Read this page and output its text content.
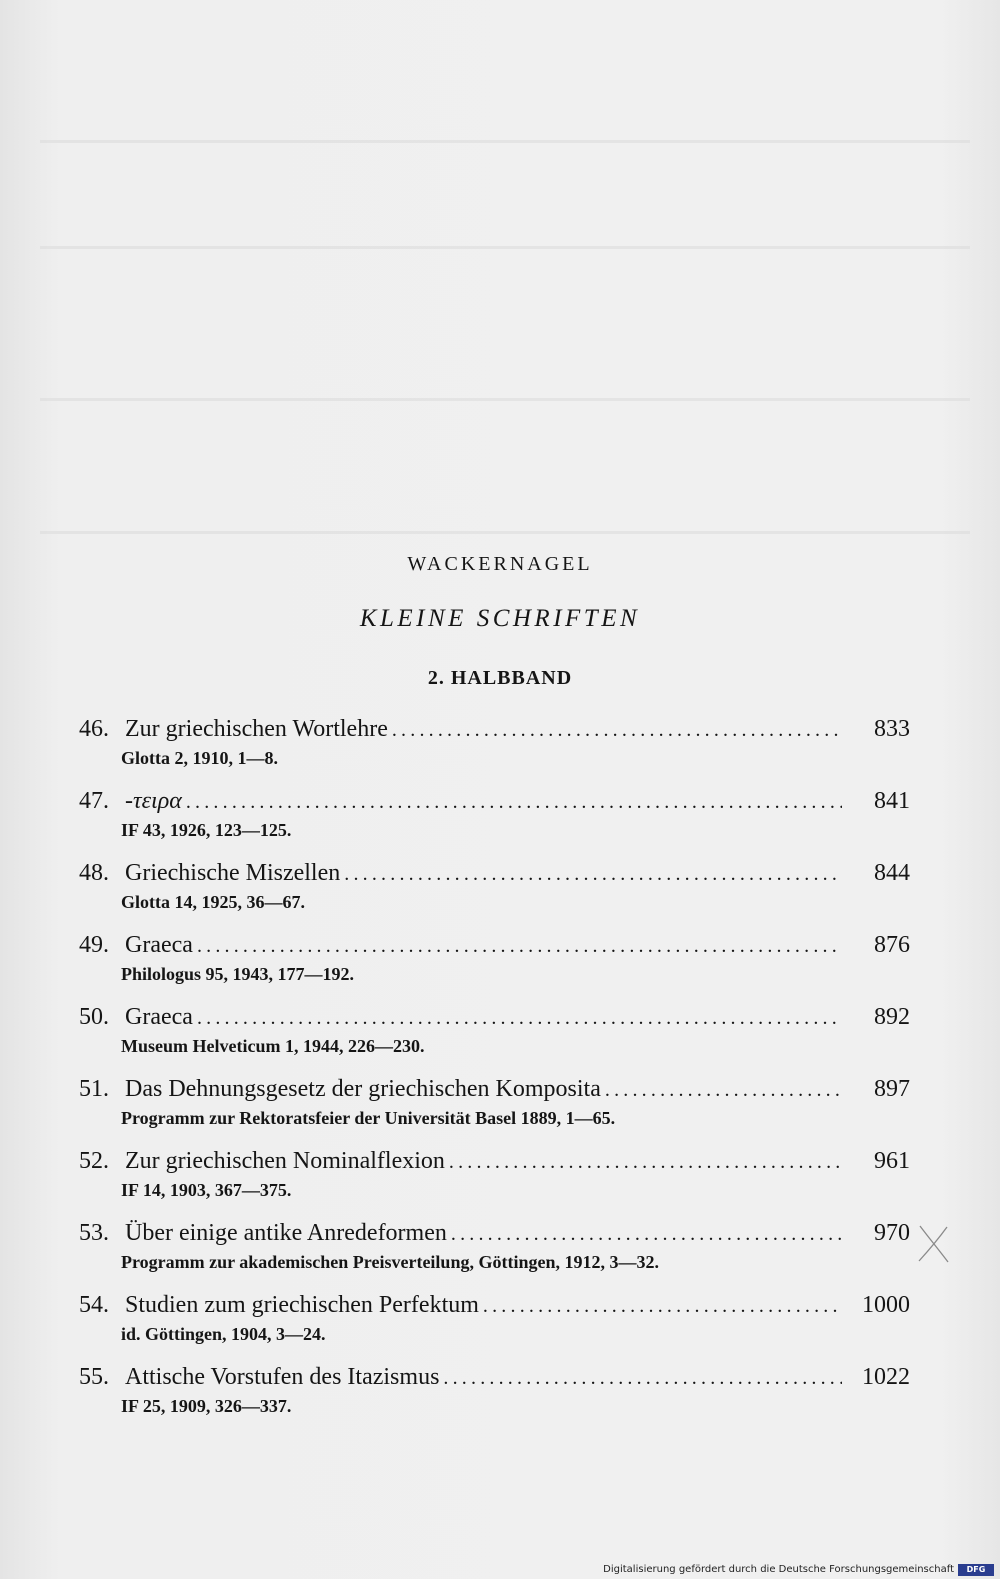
WACKERNAGEL
KLEINE SCHRIFTEN
2. HALBBAND
46. Zur griechischen Wortlehre .....	833
Glotta 2, 1910, 1—8.
47. -τειρα .....	841
IF 43, 1926, 123—125.
48. Griechische Miszellen .....	844
Glotta 14, 1925, 36—67.
49. Graeca .....	876
Philologus 95, 1943, 177—192.
50. Graeca .....	892
Museum Helveticum 1, 1944, 226—230.
51. Das Dehnungsgesetz der griechischen Komposita .....	897
Programm zur Rektoratsfeier der Universität Basel 1889, 1—65.
52. Zur griechischen Nominalflexion .....	961
IF 14, 1903, 367—375.
53. Über einige antike Anredeformen .....	970
Programm zur akademischen Preisverteilung, Göttingen, 1912, 3—32.
54. Studien zum griechischen Perfektum .....	1000
id. Göttingen, 1904, 3—24.
55. Attische Vorstufen des Itazismus .....	1022
IF 25, 1909, 326—337.
Digitalisierung gefördert durch die Deutsche Forschungsgemeinschaft	DFG
